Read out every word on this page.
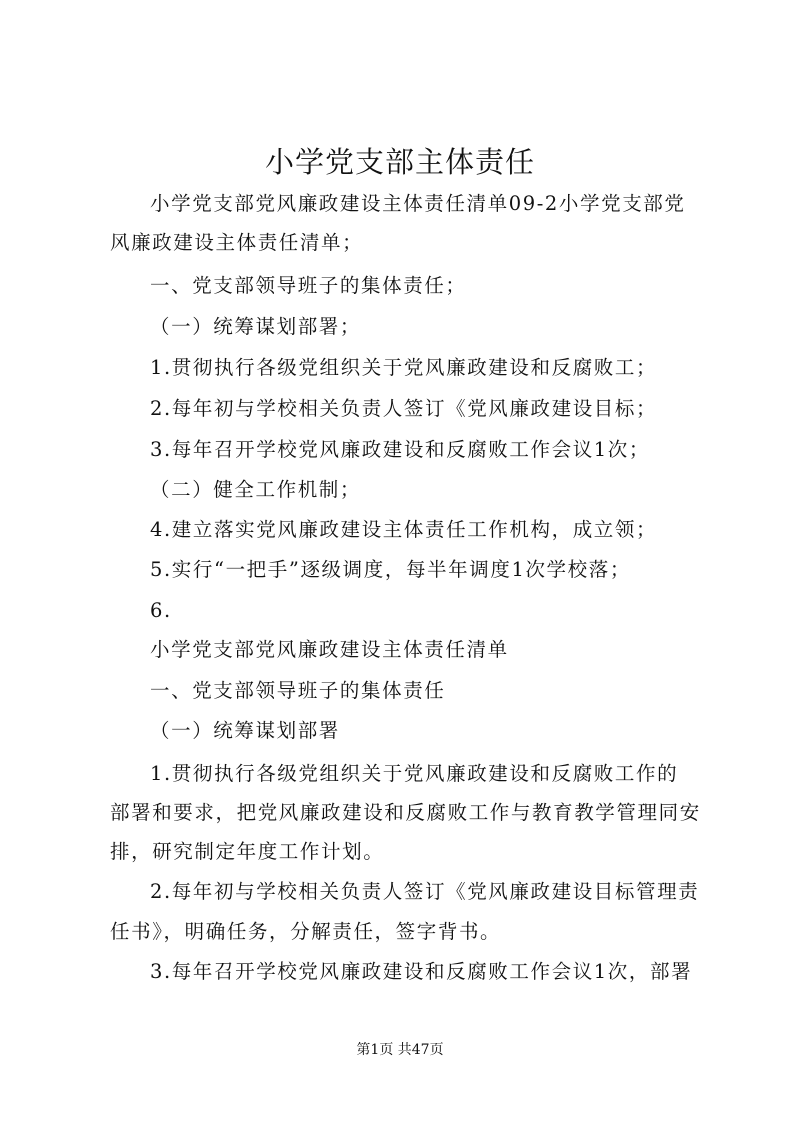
小学党支部主体责任

小学党支部党风廉政建设主体责任清单09-2小学党支部党

风廉政建设主体责任清单；

一、党支部领导班子的集体责任；

（一）统筹谋划部署；

1.贯彻执行各级党组织关于党风廉政建设和反腐败工；

2.每年初与学校相关负责人签订《党风廉政建设目标；

3.每年召开学校党风廉政建设和反腐败工作会议1次；

（二）健全工作机制；

4.建立落实党风廉政建设主体责任工作机构，成立领；

5.实行“一把手”逐级调度，每半年调度1次学校落；

6.

小学党支部党风廉政建设主体责任清单

一、党支部领导班子的集体责任

（一）统筹谋划部署

1.贯彻执行各级党组织关于党风廉政建设和反腐败工作的

部署和要求，把党风廉政建设和反腐败工作与教育教学管理同安

排，研究制定年度工作计划。

2.每年初与学校相关负责人签订《党风廉政建设目标管理责

任书》，明确任务，分解责任，签字背书。

3.每年召开学校党风廉政建设和反腐败工作会议1次，部署

第1页 共47页
